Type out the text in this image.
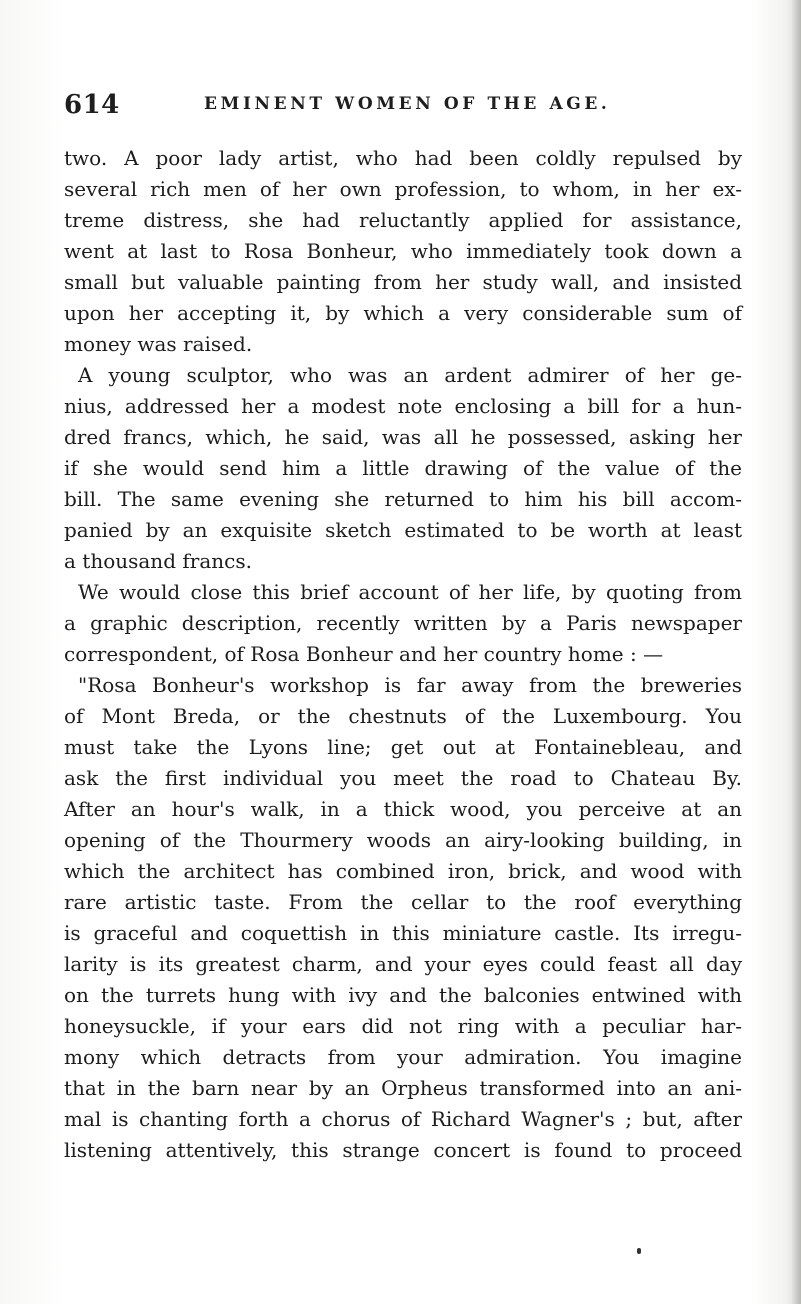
614	EMINENT WOMEN OF THE AGE.
two. A poor lady artist, who had been coldly repulsed by
several rich men of her own profession, to whom, in her ex-
treme distress, she had reluctantly applied for assistance,
went at last to Rosa Bonheur, who immediately took down a
small but valuable painting from her study wall, and insisted
upon her accepting it, by which a very considerable sum of
money was raised.
A young sculptor, who was an ardent admirer of her ge-
nius, addressed her a modest note enclosing a bill for a hun-
dred francs, which, he said, was all he possessed, asking her
if she would send him a little drawing of the value of the
bill. The same evening she returned to him his bill accom-
panied by an exquisite sketch estimated to be worth at least
a thousand francs.
We would close this brief account of her life, by quoting from
a graphic description, recently written by a Paris newspaper
correspondent, of Rosa Bonheur and her country home : —
"Rosa Bonheur's workshop is far away from the breweries
of Mont Breda, or the chestnuts of the Luxembourg. You
must take the Lyons line; get out at Fontainebleau, and
ask the first individual you meet the road to Chateau By.
After an hour's walk, in a thick wood, you perceive at an
opening of the Thourmery woods an airy-looking building, in
which the architect has combined iron, brick, and wood with
rare artistic taste. From the cellar to the roof everything
is graceful and coquettish in this miniature castle. Its irregu-
larity is its greatest charm, and your eyes could feast all day
on the turrets hung with ivy and the balconies entwined with
honeysuckle, if your ears did not ring with a peculiar har-
mony which detracts from your admiration. You imagine
that in the barn near by an Orpheus transformed into an ani-
mal is chanting forth a chorus of Richard Wagner's ; but, after
listening attentively, this strange concert is found to proceed
